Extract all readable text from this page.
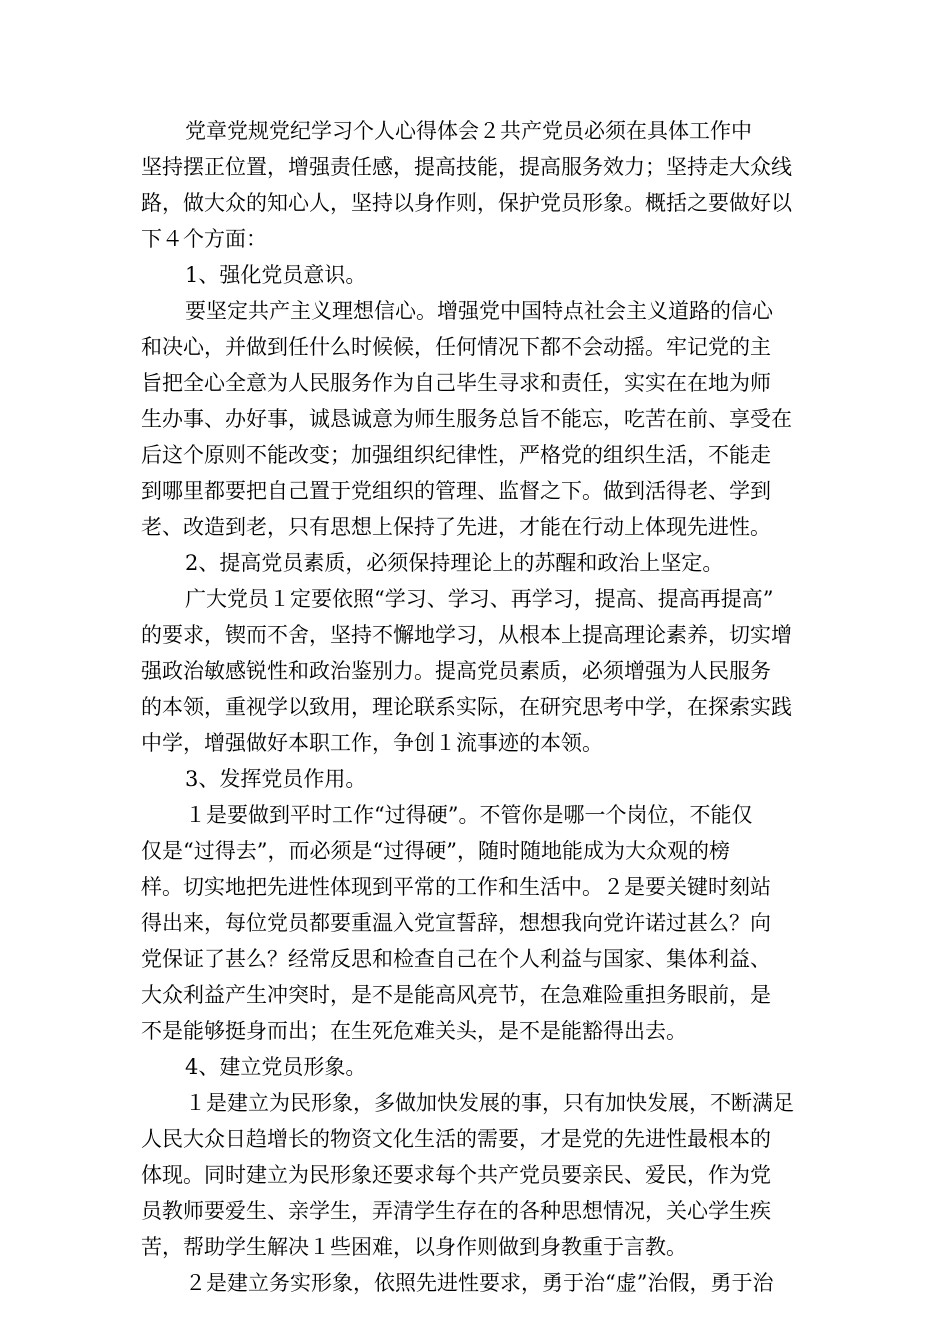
党章党规党纪学习个人心得体会２共产党员必须在具体工作中
坚持摆正位置，增强责任感，提高技能，提高服务效力；坚持走大众线
路，做大众的知心人，坚持以身作则，保护党员形象。概括之要做好以
下４个方面：
1、强化党员意识。
要坚定共产主义理想信心。增强党中国特点社会主义道路的信心
和决心，并做到任什么时候候，任何情况下都不会动摇。牢记党的主
旨把全心全意为人民服务作为自己毕生寻求和责任，实实在在地为师
生办事、办好事，诚恳诚意为师生服务总旨不能忘，吃苦在前、享受在
后这个原则不能改变；加强组织纪律性，严格党的组织生活，不能走
到哪里都要把自己置于党组织的管理、监督之下。做到活得老、学到
老、改造到老，只有思想上保持了先进，才能在行动上体现先进性。
2、提高党员素质，必须保持理论上的苏醒和政治上坚定。
广大党员１定要依照“学习、学习、再学习，提高、提高再提高”
的要求，锲而不舍，坚持不懈地学习，从根本上提高理论素养，切实增
强政治敏感锐性和政治鉴别力。提高党员素质，必须增强为人民服务
的本领，重视学以致用，理论联系实际，在研究思考中学，在探索实践
中学，增强做好本职工作，争创１流事迹的本领。
3、发挥党员作用。
１是要做到平时工作“过得硬”。不管你是哪一个岗位，不能仅
仅是“过得去”，而必须是“过得硬”，随时随地能成为大众观的榜
样。切实地把先进性体现到平常的工作和生活中。２是要关键时刻站
得出来，每位党员都要重温入党宣誓辞，想想我向党许诺过甚么？向
党保证了甚么？经常反思和检查自己在个人利益与国家、集体利益、
大众利益产生冲突时，是不是能高风亮节，在急难险重担务眼前，是
不是能够挺身而出；在生死危难关头，是不是能豁得出去。
4、建立党员形象。
１是建立为民形象，多做加快发展的事，只有加快发展，不断满足
人民大众日趋增长的物资文化生活的需要，才是党的先进性最根本的
体现。同时建立为民形象还要求每个共产党员要亲民、爱民，作为党
员教师要爱生、亲学生，弄清学生存在的各种思想情况，关心学生疾
苦，帮助学生解决１些困难，以身作则做到身教重于言教。
２是建立务实形象，依照先进性要求，勇于治“虚”治假，勇于治
